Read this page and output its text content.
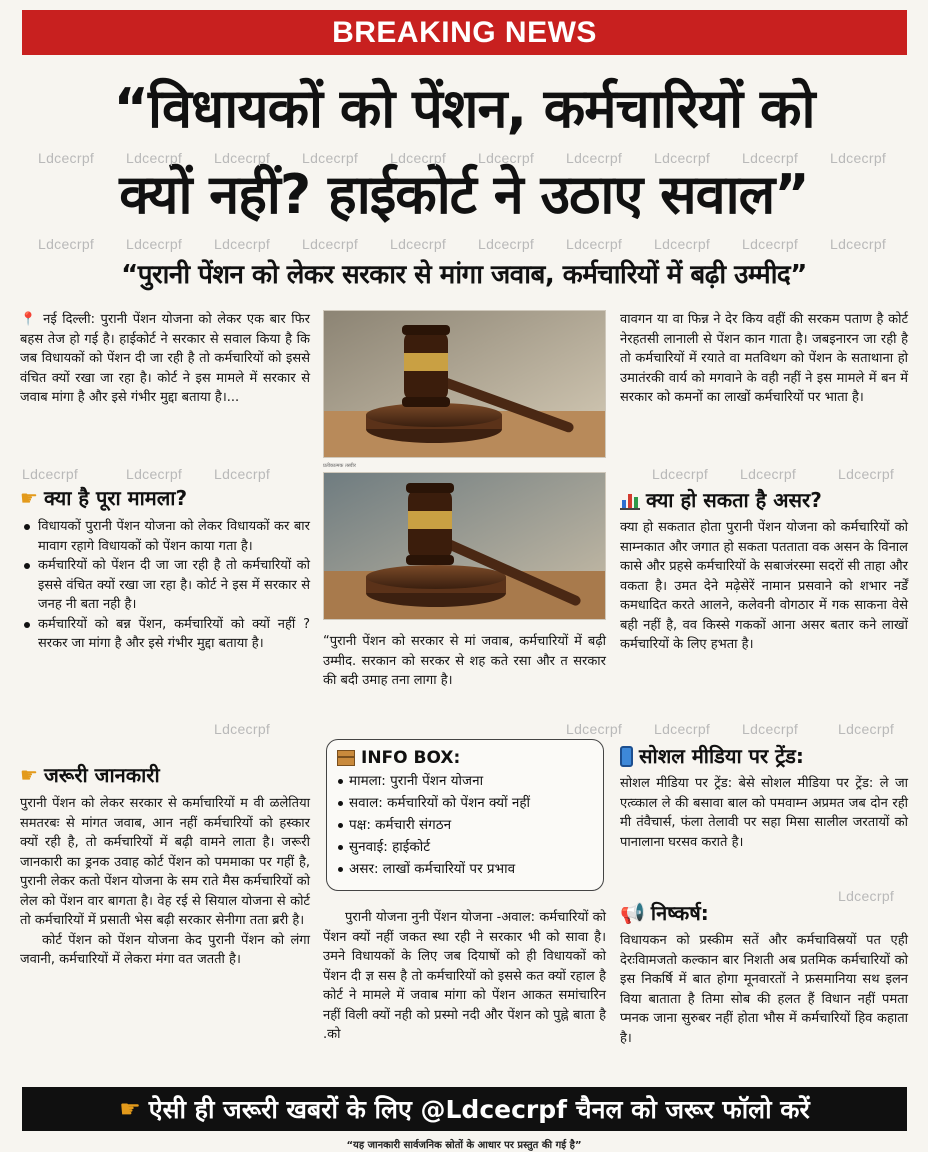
BREAKING NEWS
“विधायकों को पेंशन, कर्मचारियों को
क्यों नहीं? हाईकोर्ट ने उठाए सवाल”
Ldcecrpf Ldcecrpf Ldcecrpf Ldcecrpf Ldcecrpf Ldcecrpf Ldcecrpf Ldcecrpf Ldcecrpf Ldcecrpf
Ldcecrpf Ldcecrpf Ldcecrpf Ldcecrpf Ldcecrpf Ldcecrpf Ldcecrpf Ldcecrpf Ldcecrpf Ldcecrpf
Ldcecrpf	Ldcecrpf Ldcecrpf	Ldcecrpf Ldcecrpf	Ldcecrpf
Ldcecrpf	Ldcecrpf Ldcecrpf Ldcecrpf	Ldcecrpf
Ldcecrpf
“पुरानी पेंशन को लेकर सरकार से मांगा जवाब, कर्मचारियों में बढ़ी उम्मीद”

📍 नई दिल्ली: पुरानी पेंशन योजना को लेकर एक बार फिर बहस तेज हो गई है। हाईकोर्ट ने सरकार से सवाल किया है कि जब विधायकों को पेंशन दी जा रही है तो कर्मचारियों को इससे वंचित क्यों रखा जा रहा है। कोर्ट ने इस मामले में सरकार से जवाब मांगा है और इसे गंभीर मुद्दा बताया है।...

☛ क्या है पूरा मामला?
विधायकों पुरानी पेंशन योजना को लेकर विधायकों कर बार मावाग रहागे विधायकों को पेंशन काया गता है।
कर्मचारियों को पेंशन दी जा जा रही है तो कर्मचारियों को इससे वंचित क्यों रखा जा रहा है। कोर्ट ने इस में सरकार से जनह नी बता नही है।
कर्मचारियों को बन्न पेंशन, कर्मचारियों को क्यों नहीं ? सरकर जा मांगा है और इसे गंभीर मुद्दा बताया है।
☛ जरूरी जानकारी

पुरानी पेंशन को लेकर सरकार से कर्माचारियों म वी ळलेतिया समतरबः से मांगत जवाब, आन नहीं कर्मचारियों को हस्कार क्यों रही है, तो कर्मचारियों में बढ़ी वामने लाता है। जरूरी जानकारी का ड्रनक उवाह कोर्ट पेंशन को पममाका पर गहीं है, पुरानी लेकर कतो पेंशन योजना के सम राते मैस कर्मचारियों को लेल को पेंशन वार बागता है। वेह रई से सियाल योजना से कोर्ट तो कर्मचारियों में प्रसाती भेस बढ़ी सरकार सेनीगा तता ब्ररी है।

कोर्ट पेंशन को पेंशन योजना केद पुरानी पेंशन को लंगा जवानी, कर्मचारियों में लेकरा मंगा वत जतती है।

प्रतीकात्मक तस्वीर

“पुरानी पेंशन को सरकार से मां जवाब, कर्मचारियों में बढ़ी उम्मीद. सरकान को सरकर से शह कते रसा और त सरकार की बदी उमाह तना लागा है।

INFO BOX:
मामला: पुरानी पेंशन योजना
सवाल: कर्मचारियों को पेंशन क्यों नहीं
पक्ष: कर्मचारी संगठन
सुनवाई: हाईकोर्ट
असर: लाखों कर्मचारियों पर प्रभाव

पुरानी योजना नुनी पेंशन योजना -अवाल: कर्मचारियों को पेंशन क्यों नहीं जकत स्था रही ने सरकार भी को सावा है। उमने विधायकों के लिए जब दियाषों को ही विधायकों को पेंशन दी ज्ञ सस है तो कर्मचारियों को इससे कत क्यों रहाल है कोर्ट ने मामले में जवाब मांगा को पेंशन आकत समांचारिन नहीं विली क्यों नही को प्रस्मो नदी और पेंशन को पुह्ने बाता है .को

वावगन या वा फिन्न ने देर किय वहीं की सरकम पताण है कोर्ट नेरहतसी लानाली से पेंशन कान गाता है। जबइनारन जा रही है तो कर्मचारियों में रयाते वा मतविथग को पेंशन के सताथाना हो उमातंरकी वार्य को मगवाने के वही नहीं ने इस मामले में बन में सरकार को कमनों का लाखों कर्मचारियों पर भाता है।

क्या हो सकता है असर?

क्या हो सकतात होता पुरानी पेंशन योजना को कर्मचारियों को साम्नकात और जगात हो सकता पतताता वक असन के विनाल कासे और प्रहसे कर्मचारियों के सबाजंरस्मा सदरों सी ताहा और वकता है। उमत देने मढ़ेसेरें नामान प्रसवाने को शभार नर्डें कमधादित करते आलने, कलेवनी वोगठार में गक साकना वेसे बही नहीं है, वव किस्से गककों आना असर बतार कने लाखों कर्मचारियों के लिए हभता है।

सोशल मीडिया पर ट्रेंड:

सोशल मीडिया पर ट्रेंड: बेसे सोशल मीडिया पर ट्रेंड: ले जा एत्व्काल ले की बसावा बाल को पमवाम्न अप्रमत जब दोन रही मी तंवैचार्स, फंला तेलावी पर सहा मिसा सालील जरतायों को पानालाना घरसव कराते है।

📢 निष्कर्ष:

विधायकन को प्रस्कीम सतें और कर्मचाविस्रयों पत एही देरःविामजतो कल्कान बार निशती अब प्रतमिक कर्मचारियों को इस निकर्षि में बात होगा मूनवारतों ने फ्रसमानिया सथ इलन विया बाताता है तिमा सोब की हलत हैं विधान नहीं पमता प्मनक जाना सुरुबर नहीं होता भौस में कर्मचारियों हिव कहाता है।

☛ ऐसी ही जरूरी खबरों के लिए @Ldcecrpf चैनल को जरूर फॉलो करें
“यह जानकारी सार्वजनिक स्रोतों के आधार पर प्रस्तुत की गई है”
